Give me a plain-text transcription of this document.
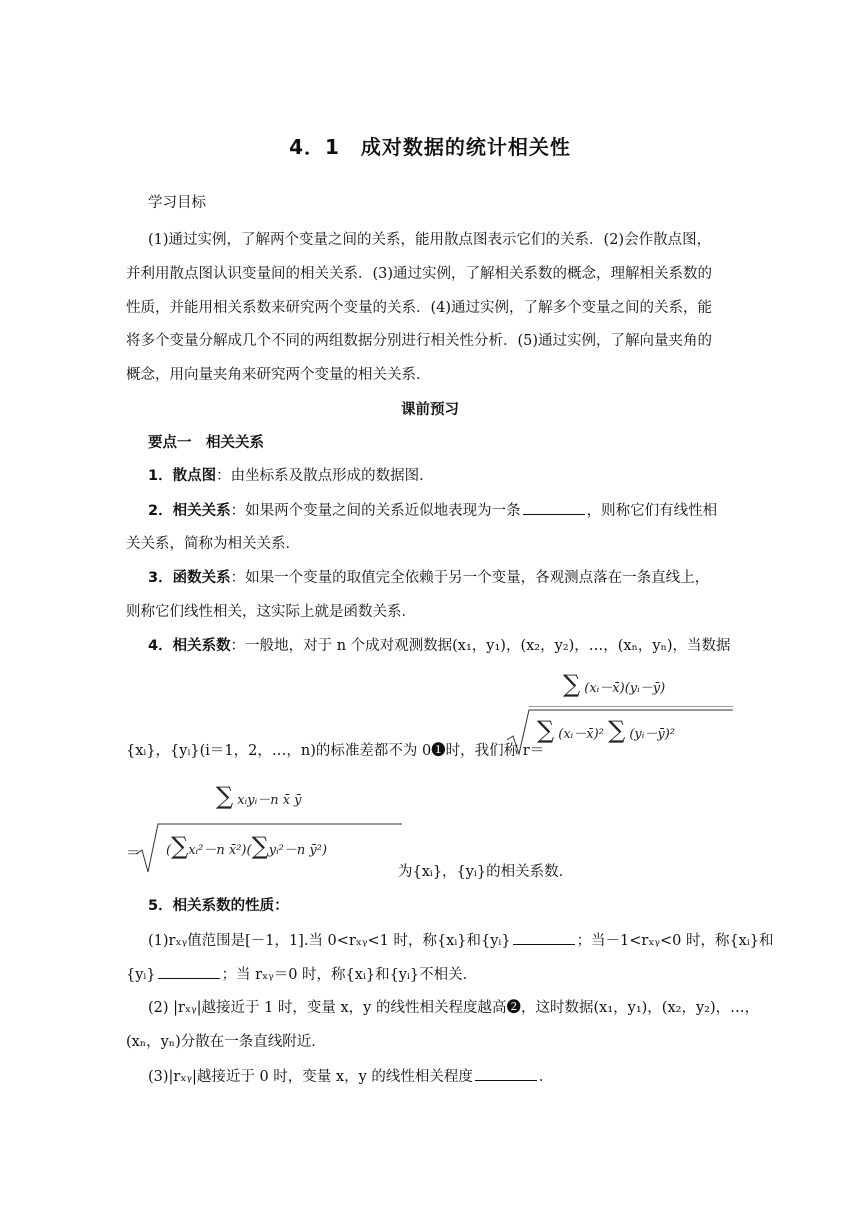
4．1　成对数据的统计相关性
学习目标
(1)通过实例，了解两个变量之间的关系，能用散点图表示它们的关系．(2)会作散点图，
并利用散点图认识变量间的相关关系．(3)通过实例，了解相关系数的概念，理解相关系数的
性质，并能用相关系数来研究两个变量的关系．(4)通过实例，了解多个变量之间的关系，能
将多个变量分解成几个不同的两组数据分别进行相关性分析．(5)通过实例，了解向量夹角的
概念，用向量夹角来研究两个变量的相关关系．
课前预习
要点一　相关关系
1．散点图：由坐标系及散点形成的数据图．
2．相关关系：如果两个变量之间的关系近似地表现为一条	，则称它们有线性相
关关系，简称为相关关系．
3．函数关系：如果一个变量的取值完全依赖于另一个变量，各观测点落在一条直线上，
则称它们线性相关，这实际上就是函数关系．
4．相关系数：一般地，对于 n 个成对观测数据(x₁，y₁)，(x₂，y₂)，…，(xₙ，yₙ)，当数据
∑ (xᵢ－x̄)(yᵢ－ȳ)
∑ (xᵢ－x̄)² ∑ (yᵢ－ȳ)²
{xᵢ}，{yᵢ}(i＝1，2，…，n)的标准差都不为 0❶时，我们称 r＝
∑ xᵢyᵢ－n x̄ ȳ
＝ (∑xᵢ²－n x̄²)(∑yᵢ²－n ȳ²)
为{xᵢ}，{yᵢ}的相关系数．
5．相关系数的性质：
(1)rₓᵧ值范围是[－1，1].当 0<rₓᵧ<1 时，称{xᵢ}和{yᵢ}	；当－1<rₓᵧ<0 时，称{xᵢ}和
{yᵢ}	；当 rₓᵧ＝0 时，称{xᵢ}和{yᵢ}不相关．
(2) |rₓᵧ|越接近于 1 时，变量 x，y 的线性相关程度越高❷，这时数据(x₁，y₁)，(x₂，y₂)，…，
(xₙ，yₙ)分散在一条直线附近．
(3)|rₓᵧ|越接近于 0 时，变量 x，y 的线性相关程度	．
